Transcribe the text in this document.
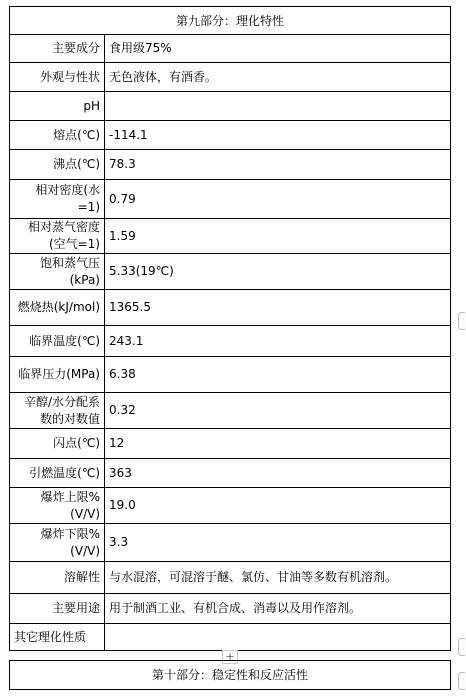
第九部分：理化特性	
主要成分	食用级75%
外观与性状	无色液体，有酒香。
pH	
熔点(℃)	-114.1
沸点(℃)	78.3
相对密度(水=1)	0.79
相对蒸气密度(空气=1)	1.59
饱和蒸气压(kPa)	5.33(19℃)
燃烧热(kJ/mol)	1365.5
临界温度(℃)	243.1
临界压力(MPa)	6.38
辛醇/水分配系数的对数值	0.32
闪点(℃)	12
引燃温度(℃)	363
爆炸上限%(V/V)	19.0
爆炸下限%(V/V)	3.3
溶解性	与水混溶，可混溶于醚、氯仿、甘油等多数有机溶剂。
主要用途	用于制酒工业、有机合成、消毒以及用作溶剂。
其它理化性质	
+
第十部分：稳定性和反应活性
